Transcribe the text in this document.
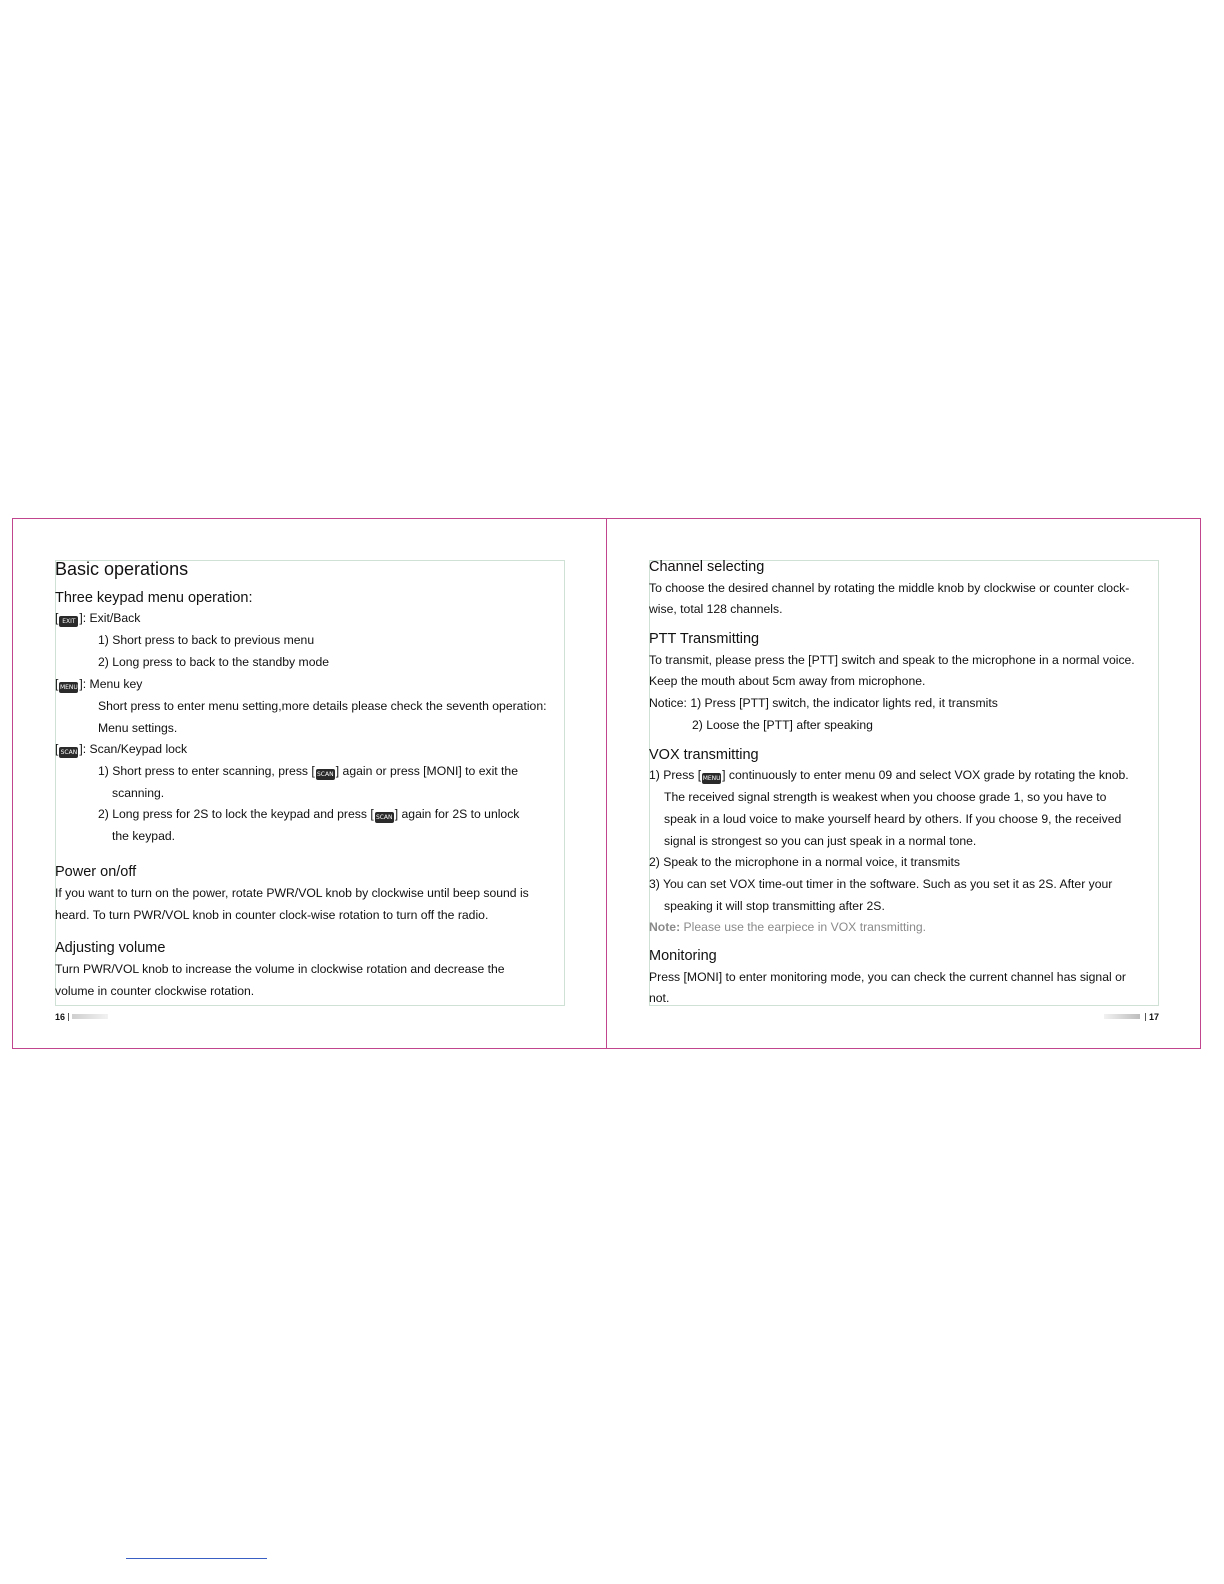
Basic operations
Three keypad menu operation:
[ EXIT ]: Exit/Back
1) Short press to back to previous menu
2) Long press to back to the standby mode
[ MENU ]: Menu key
Short press to enter menu setting,more details please check the seventh operation:
Menu settings.
[ SCAN ]: Scan/Keypad lock
1) Short press to enter scanning, press [ SCAN ] again or press [MONI] to exit the
scanning.
2) Long press for 2S to lock the keypad and press [ SCAN ] again for 2S to unlock
the keypad.
Power on/off
If you want to turn on the power, rotate PWR/VOL knob by clockwise until beep sound is
heard. To turn PWR/VOL knob in counter clock-wise rotation to turn off the radio.
Adjusting volume
Turn PWR/VOL knob to increase the volume in clockwise rotation and decrease the
volume in counter clockwise rotation.
16
Channel selecting
To choose the desired channel by rotating the middle knob by clockwise or counter clock-
wise, total 128 channels.
PTT Transmitting
To transmit, please press the [PTT] switch and speak to the microphone in a normal voice.
Keep the mouth about 5cm away from microphone.
Notice: 1) Press [PTT] switch, the indicator lights red, it transmits
2) Loose the [PTT] after speaking
VOX transmitting
1) Press [ MENU ] continuously to enter menu 09 and select VOX grade by rotating the knob.
The received signal strength is weakest when you choose grade 1, so you have to
speak in a loud voice to make yourself heard by others. If you choose 9, the received
signal is strongest so you can just speak in a normal tone.
2) Speak to the microphone in a normal voice, it transmits
3) You can set VOX time-out timer in the software. Such as you set it as 2S. After your
speaking it will stop transmitting after 2S.
Note: Please use the earpiece in VOX transmitting.
Monitoring
Press [MONI] to enter monitoring mode, you can check the current channel has signal or
not.
17
